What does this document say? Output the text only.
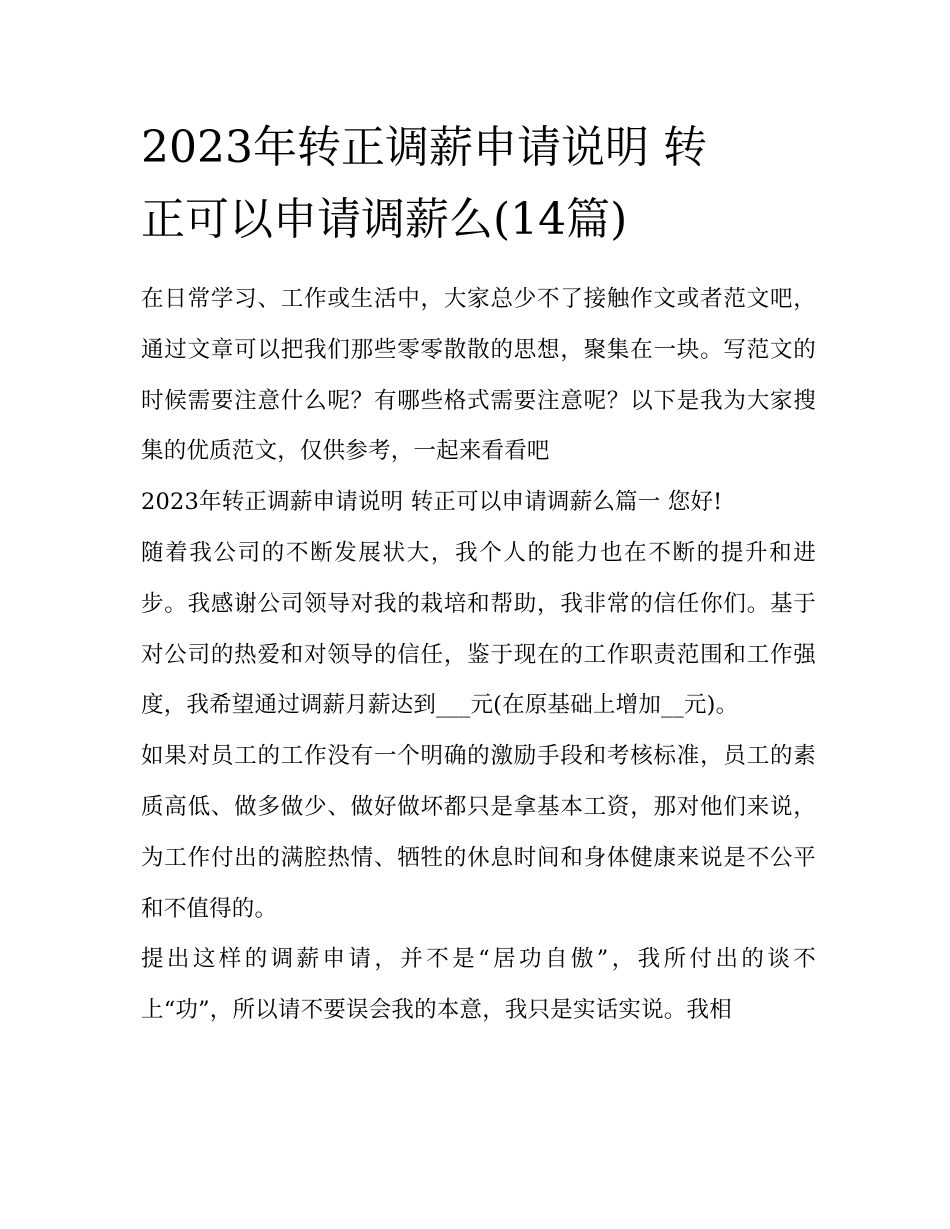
2023年转正调薪申请说明 转
正可以申请调薪么(14篇)

在日常学习、工作或生活中，大家总少不了接触作文或者范文吧，通过文章可以把我们那些零零散散的思想，聚集在一块。写范文的时候需要注意什么呢？有哪些格式需要注意呢？以下是我为大家搜集的优质范文，仅供参考，一起来看看吧

2023年转正调薪申请说明 转正可以申请调薪么篇一 您好!

随着我公司的不断发展状大，我个人的能力也在不断的提升和进步。我感谢公司领导对我的栽培和帮助，我非常的信任你们。基于对公司的热爱和对领导的信任，鉴于现在的工作职责范围和工作强度，我希望通过调薪月薪达到___元(在原基础上增加__元)。

如果对员工的工作没有一个明确的激励手段和考核标准，员工的素质高低、做多做少、做好做坏都只是拿基本工资，那对他们来说，为工作付出的满腔热情、牺牲的休息时间和身体健康来说是不公平和不值得的。

提出这样的调薪申请，并不是“居功自傲”，我所付出的谈不上“功”，所以请不要误会我的本意，我只是实话实说。我相
